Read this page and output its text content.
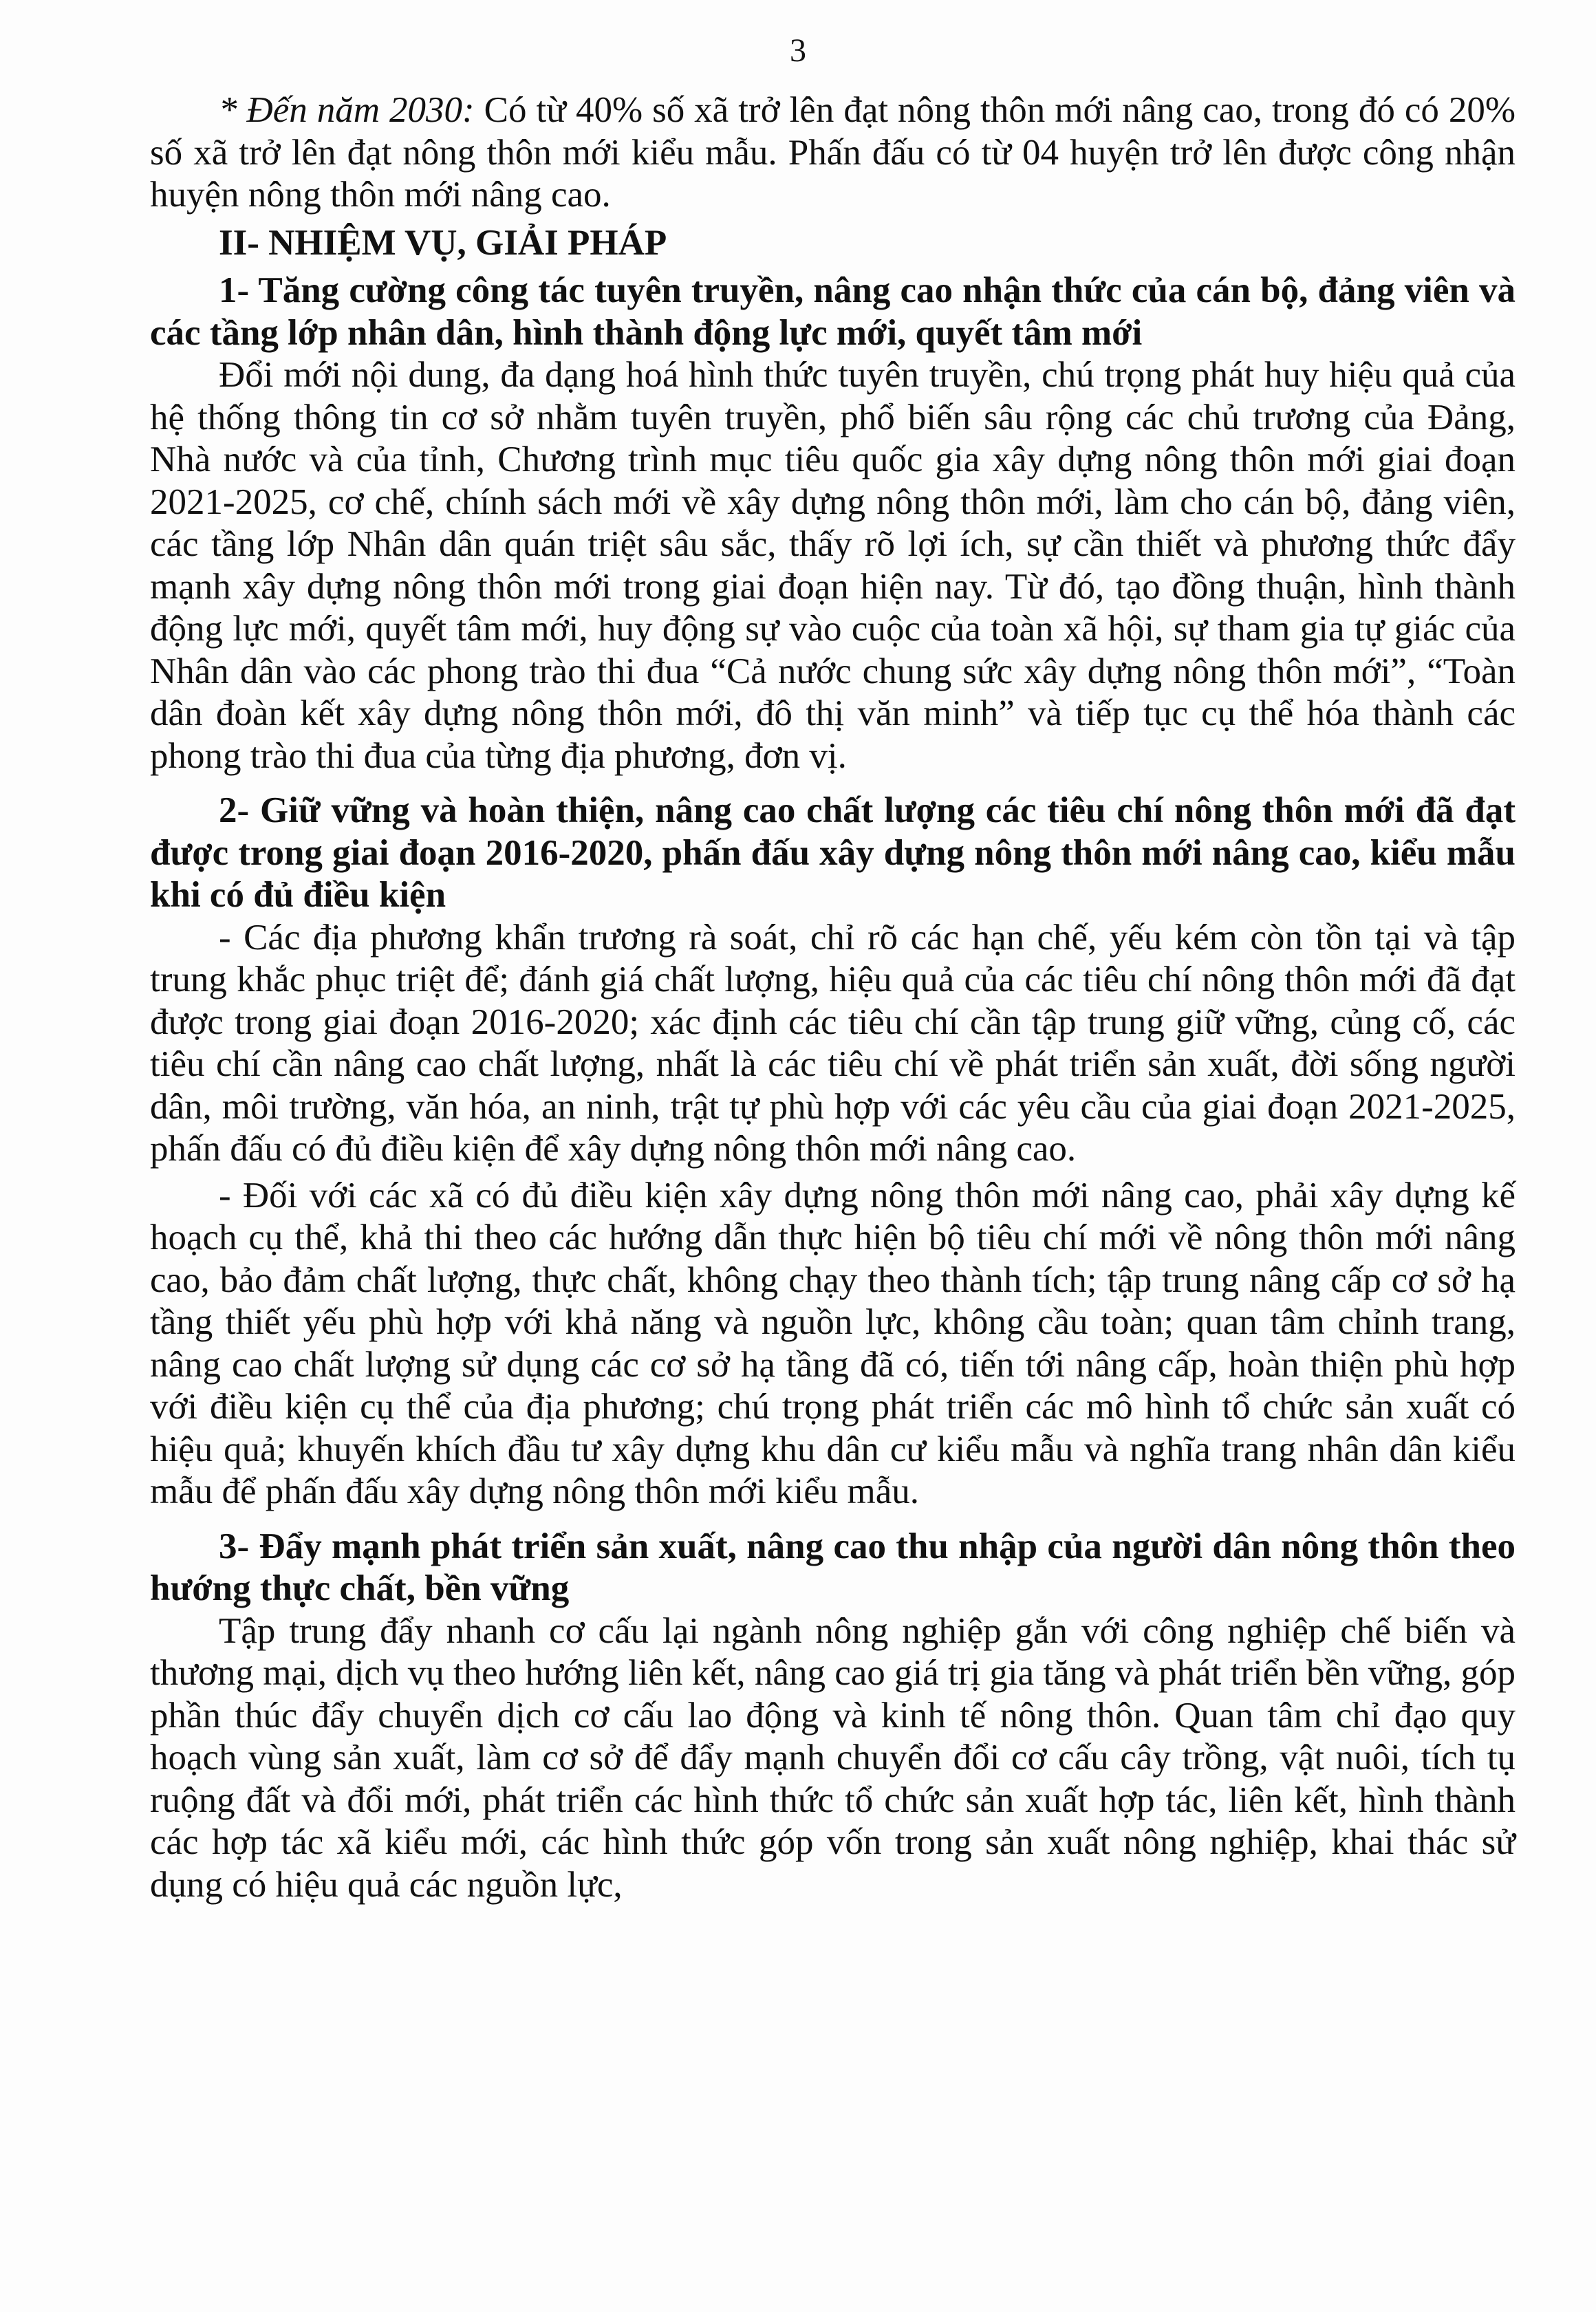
3

* Đến năm 2030: Có từ 40% số xã trở lên đạt nông thôn mới nâng cao, trong đó có 20% số xã trở lên đạt nông thôn mới kiểu mẫu. Phấn đấu có từ 04 huyện trở lên được công nhận huyện nông thôn mới nâng cao.

II- NHIỆM VỤ, GIẢI PHÁP

1- Tăng cường công tác tuyên truyền, nâng cao nhận thức của cán bộ, đảng viên và các tầng lớp nhân dân, hình thành động lực mới, quyết tâm mới

Đổi mới nội dung, đa dạng hoá hình thức tuyên truyền, chú trọng phát huy hiệu quả của hệ thống thông tin cơ sở nhằm tuyên truyền, phổ biến sâu rộng các chủ trương của Đảng, Nhà nước và của tỉnh, Chương trình mục tiêu quốc gia xây dựng nông thôn mới giai đoạn 2021-2025, cơ chế, chính sách mới về xây dựng nông thôn mới, làm cho cán bộ, đảng viên, các tầng lớp Nhân dân quán triệt sâu sắc, thấy rõ lợi ích, sự cần thiết và phương thức đẩy mạnh xây dựng nông thôn mới trong giai đoạn hiện nay. Từ đó, tạo đồng thuận, hình thành động lực mới, quyết tâm mới, huy động sự vào cuộc của toàn xã hội, sự tham gia tự giác của Nhân dân vào các phong trào thi đua “Cả nước chung sức xây dựng nông thôn mới”, “Toàn dân đoàn kết xây dựng nông thôn mới, đô thị văn minh” và tiếp tục cụ thể hóa thành các phong trào thi đua của từng địa phương, đơn vị.

2- Giữ vững và hoàn thiện, nâng cao chất lượng các tiêu chí nông thôn mới đã đạt được trong giai đoạn 2016-2020, phấn đấu xây dựng nông thôn mới nâng cao, kiểu mẫu khi có đủ điều kiện

- Các địa phương khẩn trương rà soát, chỉ rõ các hạn chế, yếu kém còn tồn tại và tập trung khắc phục triệt để; đánh giá chất lượng, hiệu quả của các tiêu chí nông thôn mới đã đạt được trong giai đoạn 2016-2020; xác định các tiêu chí cần tập trung giữ vững, củng cố, các tiêu chí cần nâng cao chất lượng, nhất là các tiêu chí về phát triển sản xuất, đời sống người dân, môi trường, văn hóa, an ninh, trật tự phù hợp với các yêu cầu của giai đoạn 2021-2025, phấn đấu có đủ điều kiện để xây dựng nông thôn mới nâng cao.

- Đối với các xã có đủ điều kiện xây dựng nông thôn mới nâng cao, phải xây dựng kế hoạch cụ thể, khả thi theo các hướng dẫn thực hiện bộ tiêu chí mới về nông thôn mới nâng cao, bảo đảm chất lượng, thực chất, không chạy theo thành tích; tập trung nâng cấp cơ sở hạ tầng thiết yếu phù hợp với khả năng và nguồn lực, không cầu toàn; quan tâm chỉnh trang, nâng cao chất lượng sử dụng các cơ sở hạ tầng đã có, tiến tới nâng cấp, hoàn thiện phù hợp với điều kiện cụ thể của địa phương; chú trọng phát triển các mô hình tổ chức sản xuất có hiệu quả; khuyến khích đầu tư xây dựng khu dân cư kiểu mẫu và nghĩa trang nhân dân kiểu mẫu để phấn đấu xây dựng nông thôn mới kiểu mẫu.

3- Đẩy mạnh phát triển sản xuất, nâng cao thu nhập của người dân nông thôn theo hướng thực chất, bền vững

Tập trung đẩy nhanh cơ cấu lại ngành nông nghiệp gắn với công nghiệp chế biến và thương mại, dịch vụ theo hướng liên kết, nâng cao giá trị gia tăng và phát triển bền vững, góp phần thúc đẩy chuyển dịch cơ cấu lao động và kinh tế nông thôn. Quan tâm chỉ đạo quy hoạch vùng sản xuất, làm cơ sở để đẩy mạnh chuyển đổi cơ cấu cây trồng, vật nuôi, tích tụ ruộng đất và đổi mới, phát triển các hình thức tổ chức sản xuất hợp tác, liên kết, hình thành các hợp tác xã kiểu mới, các hình thức góp vốn trong sản xuất nông nghiệp, khai thác sử dụng có hiệu quả các nguồn lực,
